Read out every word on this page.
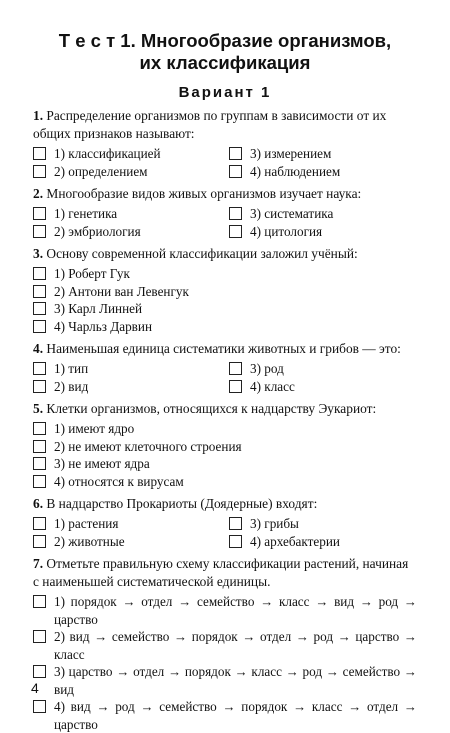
Т е с т 1. Многообразие организмов,
их классификация
Вариант 1

1. Распределение организмов по группам в зависимости от их общих признаков называют:

1) классификацией	3) измерением
2) определением	4) наблюдением

2. Многообразие видов живых организмов изучает наука:

1) генетика	3) систематика
2) эмбриология	4) цитология

3. Основу современной классификации заложил учёный:

1) Роберт Гук
2) Антони ван Левенгук
3) Карл Линней
4) Чарльз Дарвин

4. Наименьшая единица систематики животных и грибов — это:

1) тип	3) род
2) вид	4) класс

5. Клетки организмов, относящихся к надцарству Эукариот:

1) имеют ядро
2) не имеют клеточного строения
3) не имеют ядра
4) относятся к вирусам

6. В надцарство Прокариоты (Доядерные) входят:

1) растения	3) грибы
2) животные	4) архебактерии

7. Отметьте правильную схему классификации растений, начиная с наименьшей систематической единицы.

1) порядок → отдел → семейство → класс → вид → род → царство
2) вид → семейство → порядок → отдел → род → царство → класс
3) царство → отдел → порядок → класс → род → семейство → вид
4) вид → род → семейство → порядок → класс → отдел → царство
4
